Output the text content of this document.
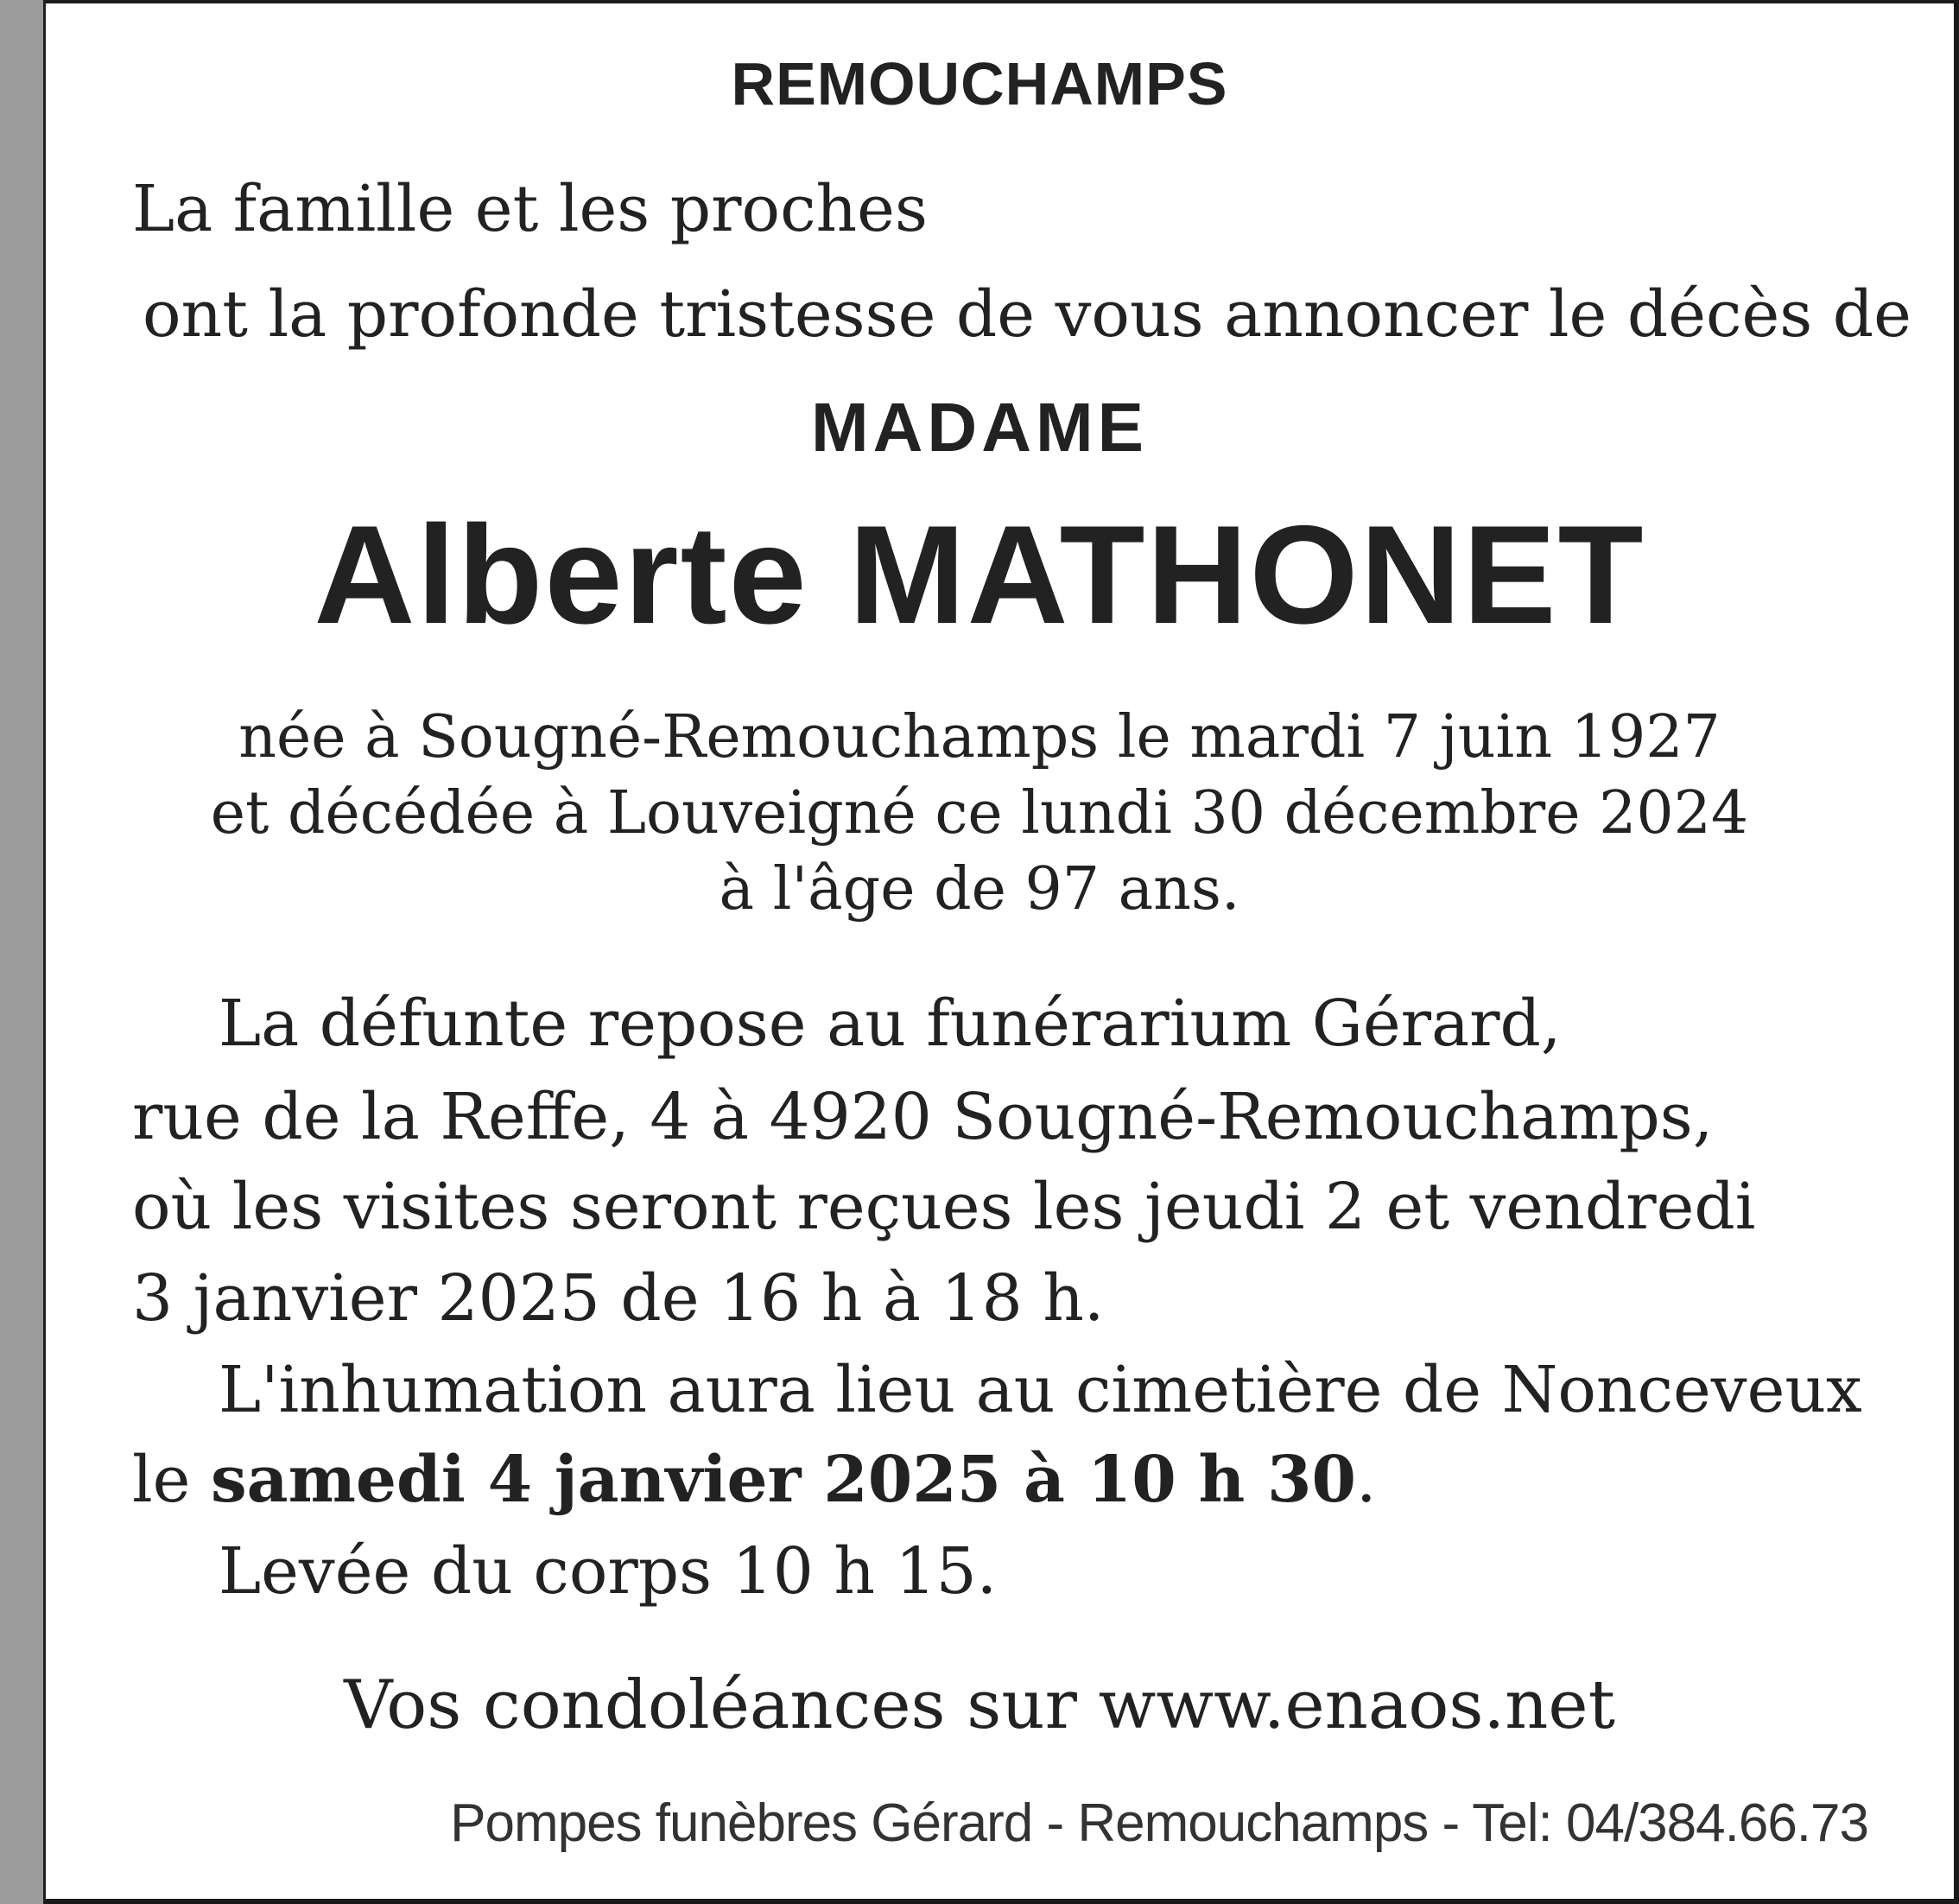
REMOUCHAMPS

La famille et les proches

ont la profonde tristesse de vous annoncer le décès de

MADAME

Alberte MATHONET

née à Sougné-Remouchamps le mardi 7 juin 1927

et décédée à Louveigné ce lundi 30 décembre 2024

à l'âge de 97 ans.

La défunte repose au funérarium Gérard,

rue de la Reffe, 4 à 4920 Sougné-Remouchamps,

où les visites seront reçues les jeudi 2 et vendredi

3 janvier 2025 de 16 h à 18 h.

L'inhumation aura lieu au cimetière de Nonceveux

le samedi 4 janvier 2025 à 10 h 30.

Levée du corps 10 h 15.

Vos condoléances sur www.enaos.net

Pompes funèbres Gérard - Remouchamps - Tel: 04/384.66.73
